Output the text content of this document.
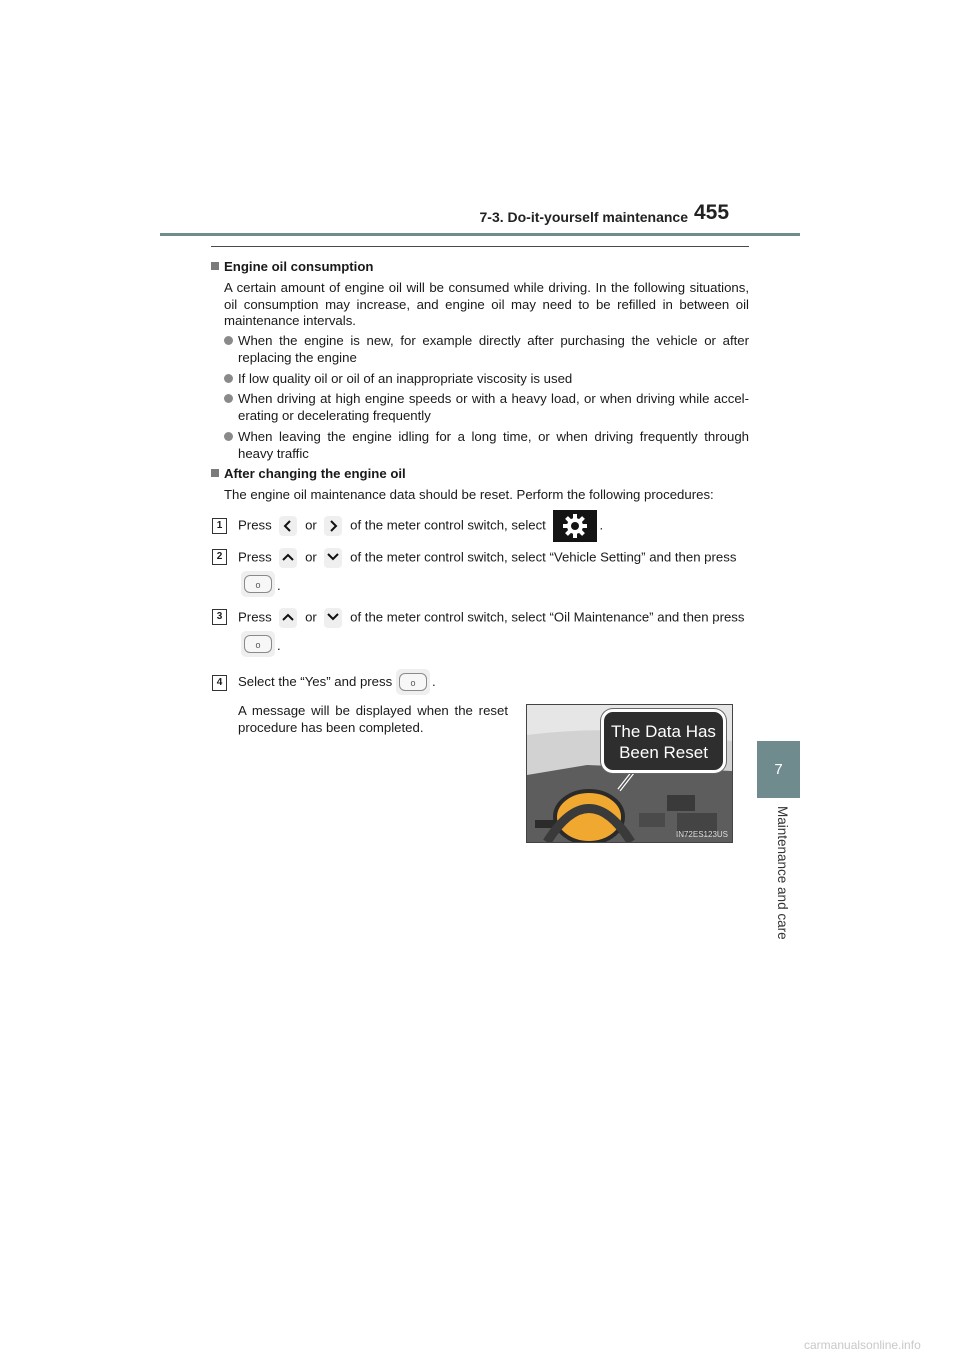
7-3. Do-it-yourself maintenance 455
7
Maintenance and care
Engine oil consumption
A certain amount of engine oil will be consumed while driving. In the following situations, oil consumption may increase, and engine oil may need to be refilled in between oil maintenance intervals.
When the engine is new, for example directly after purchasing the vehicle or after replacing the engine
If low quality oil or oil of an inappropriate viscosity is used
When driving at high engine speeds or with a heavy load, or when driving while accel-erating or decelerating frequently
When leaving the engine idling for a long time, or when driving frequently through heavy traffic
After changing the engine oil
The engine oil maintenance data should be reset. Perform the following procedures:
1	Press	or	of the meter control switch, select	.
2	Press	or	of the meter control switch, select “Vehicle Setting” and then press
o	.
3	Press	or	of the meter control switch, select “Oil Maintenance” and then press
o	.
4	Select the “Yes” and press	o	.
A message will be displayed when the reset procedure has been completed.	The Data Has
Been Reset
IN72ES123US
carmanualsonline.info
